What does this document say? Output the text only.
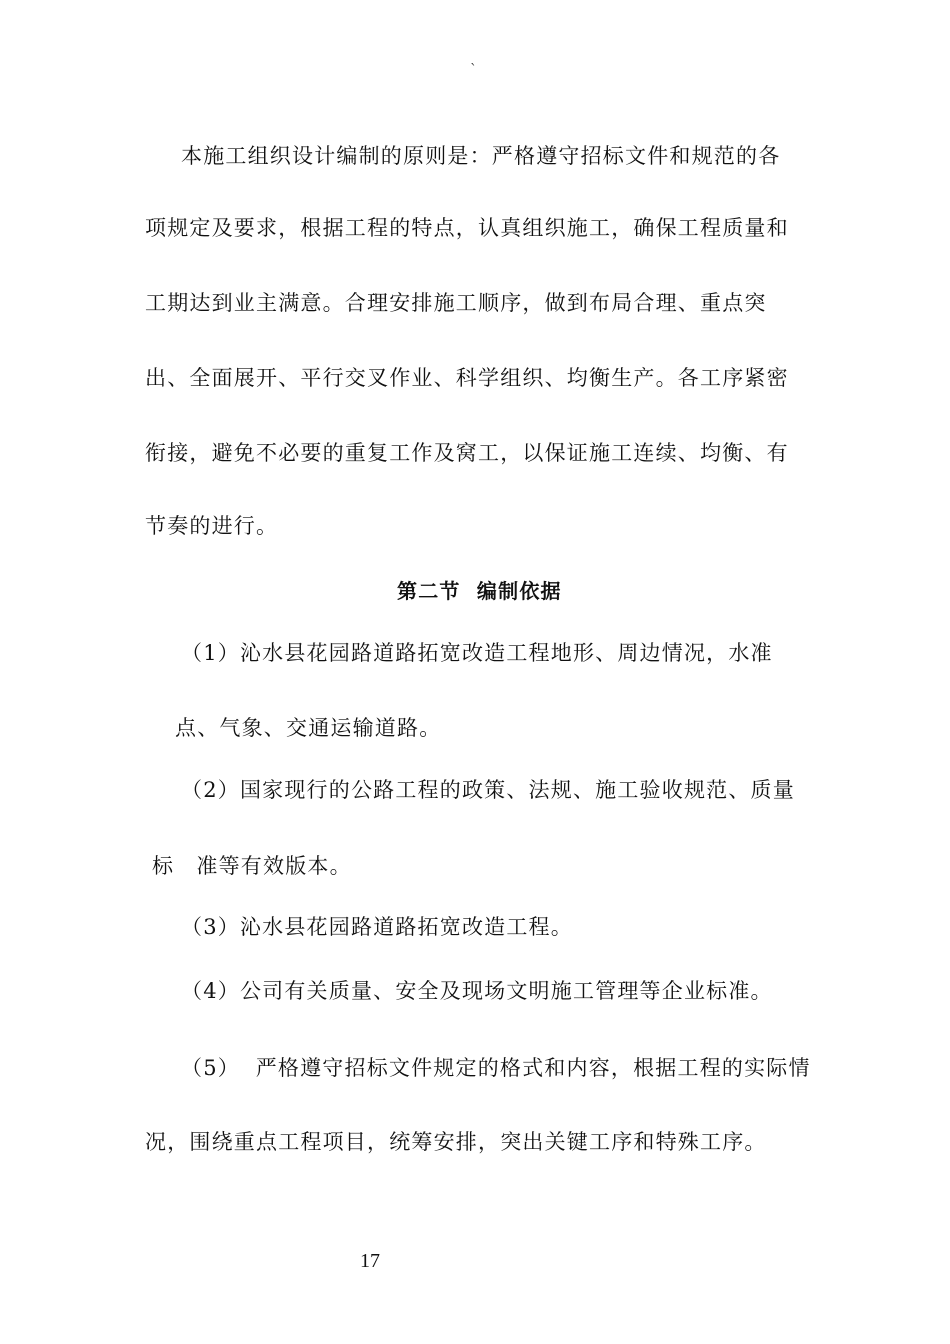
`
本施工组织设计编制的原则是：严格遵守招标文件和规范的各
项规定及要求，根据工程的特点，认真组织施工，确保工程质量和
工期达到业主满意。合理安排施工顺序，做到布局合理、重点突
出、全面展开、平行交叉作业、科学组织、均衡生产。各工序紧密
衔接，避免不必要的重复工作及窝工，以保证施工连续、均衡、有
节奏的进行。
第二节  编制依据
（1）沁水县花园路道路拓宽改造工程地形、周边情况，水准
点、气象、交通运输道路。
（2）国家现行的公路工程的政策、法规、施工验收规范、质量
标　准等有效版本。
（3）沁水县花园路道路拓宽改造工程。
（4）公司有关质量、安全及现场文明施工管理等企业标准。
（5）  严格遵守招标文件规定的格式和内容，根据工程的实际情
况，围绕重点工程项目，统筹安排，突出关键工序和特殊工序。
17
